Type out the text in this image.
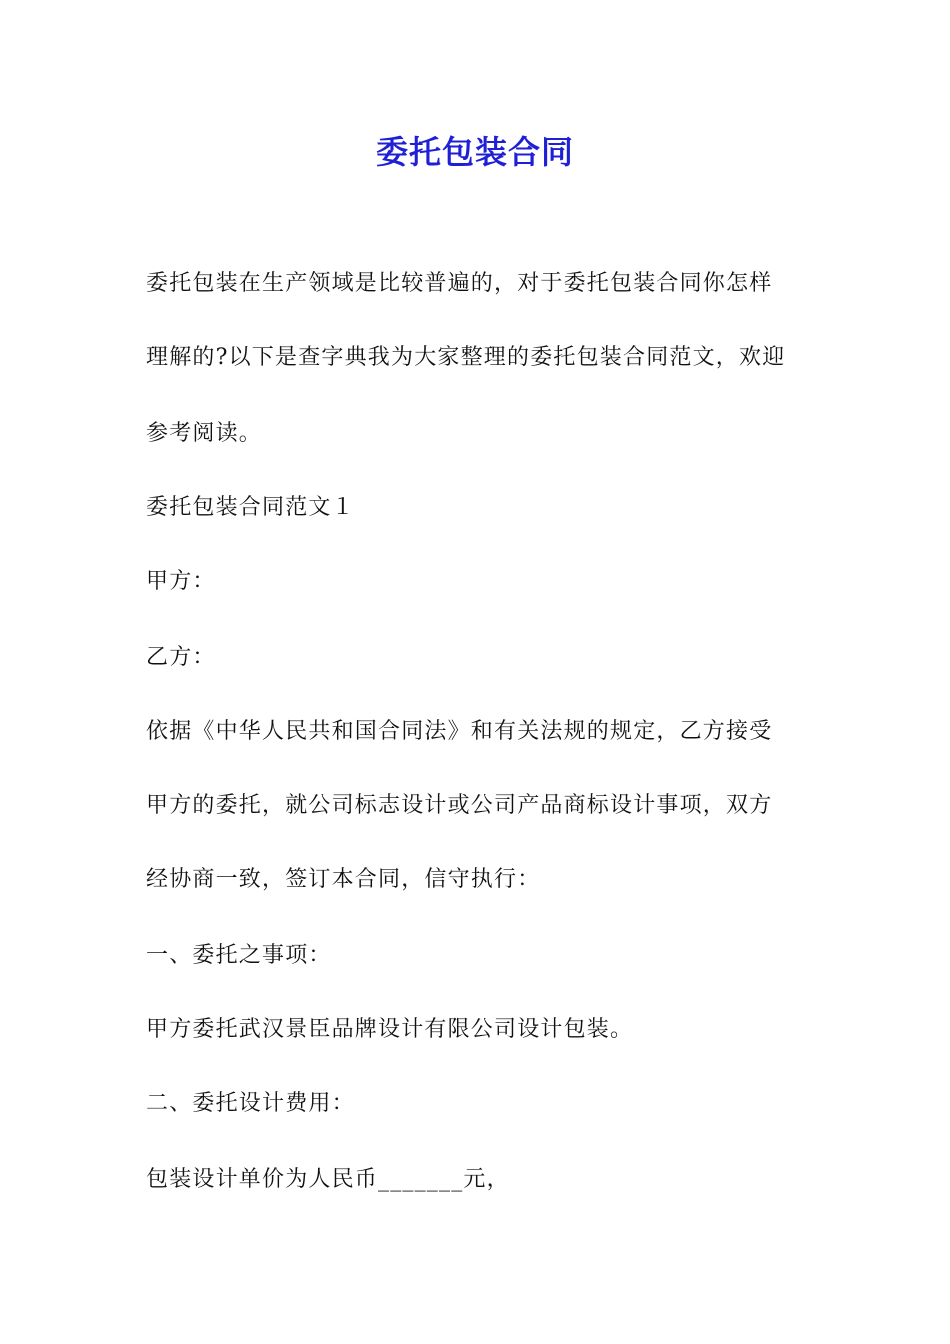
委托包装合同
委托包装在生产领域是比较普遍的，对于委托包装合同你怎样
理解的?以下是查字典我为大家整理的委托包装合同范文，欢迎
参考阅读。
委托包装合同范文１
甲方：
乙方：
依据《中华人民共和国合同法》和有关法规的规定，乙方接受
甲方的委托，就公司标志设计或公司产品商标设计事项，双方
经协商一致，签订本合同，信守执行：
一、委托之事项：
甲方委托武汉景臣品牌设计有限公司设计包装。
二、委托设计费用：
包装设计单价为人民币_______元，
